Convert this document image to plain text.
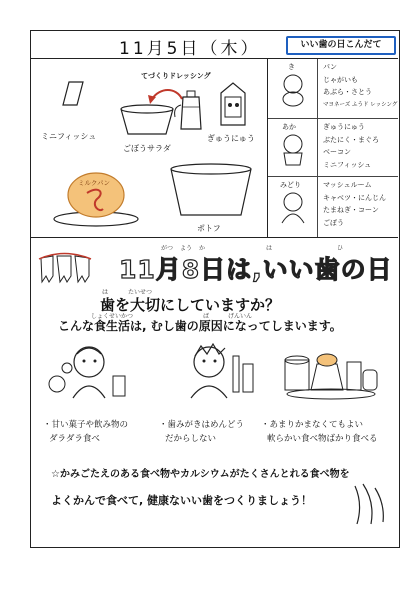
11月5日（木）	いい歯の日こんだて
ミニフィッシュ
てづくりドレッシング
ごぼうサラダ
ぎゅうにゅう
ミルクパン
ポトフ
き	パン
じゃがいも
あぶら・さとう
マヨネーズ ふうド レッシング
あか	ぎゅうにゅう
ぶたにく・まぐろ
ベーコン
ミニフィッシュ
みどり	マッシュルーム
キャベツ・にんじん
たまねぎ・コーン
ごぼう
がつ よう か	は	ひ
11月8日は,いい歯の日
は	たいせつ
歯を大切にしていますか？
しょくせいかつ	ば	げんいん
こんな食生活は, むし歯の原因になってしまいます。
・甘い菓子や飲み物の
ダラダラ食べ
・歯みがきはめんどう
だからしない
・あまりかまなくてもよい
軟らかい食べ物ばかり食べる
☆かみごたえのある食べ物やカルシウムがたくさんとれる食べ物を
よくかんで食べて, 健康ないい歯をつくりましょう！
